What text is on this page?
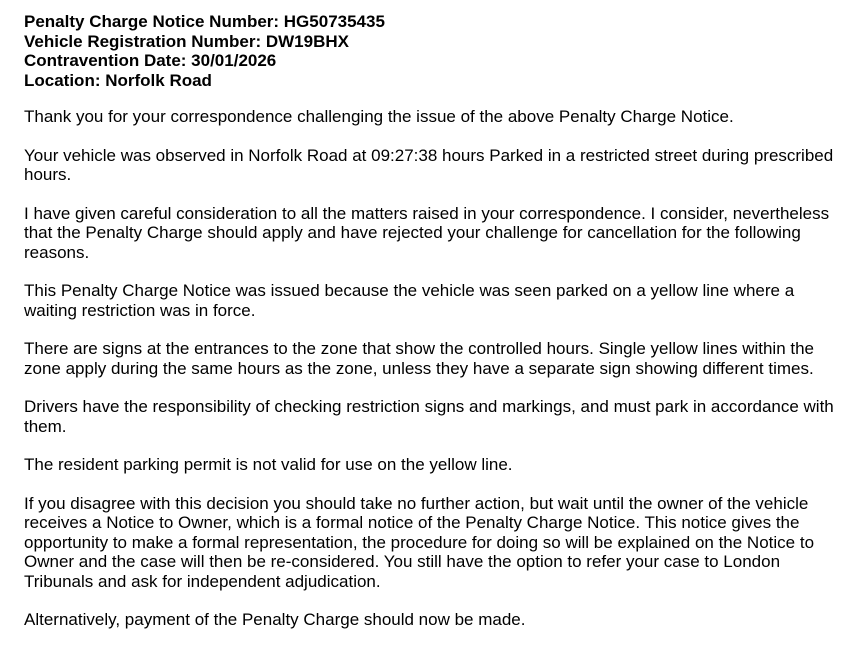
Penalty Charge Notice Number: HG50735435

Vehicle Registration Number: DW19BHX

Contravention Date: 30/01/2026

Location: Norfolk Road

Thank you for your correspondence challenging the issue of the above Penalty Charge Notice.

Your vehicle was observed in Norfolk Road at 09:27:38 hours Parked in a restricted street during prescribed hours.

I have given careful consideration to all the matters raised in your correspondence. I consider, nevertheless that the Penalty Charge should apply and have rejected your challenge for cancellation for the following reasons.

This Penalty Charge Notice was issued because the vehicle was seen parked on a yellow line where a waiting restriction was in force.

There are signs at the entrances to the zone that show the controlled hours. Single yellow lines within the zone apply during the same hours as the zone, unless they have a separate sign showing different times.

Drivers have the responsibility of checking restriction signs and markings, and must park in accordance with them.

The resident parking permit is not valid for use on the yellow line.

If you disagree with this decision you should take no further action, but wait until the owner of the vehicle receives a Notice to Owner, which is a formal notice of the Penalty Charge Notice. This notice gives the opportunity to make a formal representation, the procedure for doing so will be explained on the Notice to Owner and the case will then be re-considered. You still have the option to refer your case to London Tribunals and ask for independent adjudication.

Alternatively, payment of the Penalty Charge should now be made.
